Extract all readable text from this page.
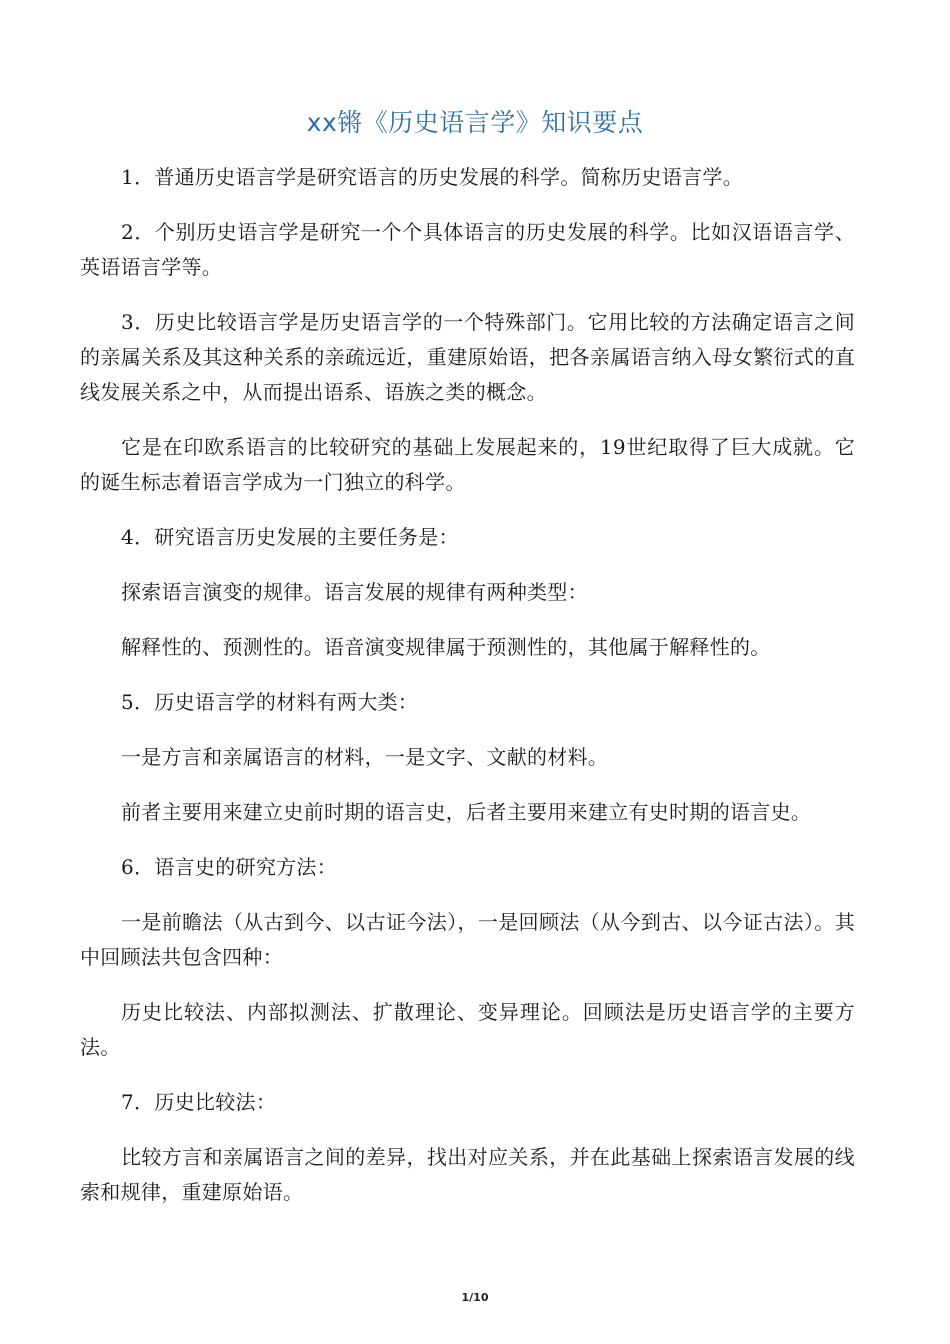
xx锵《历史语言学》知识要点

1．普通历史语言学是研究语言的历史发展的科学。简称历史语言学。

2．个别历史语言学是研究一个个具体语言的历史发展的科学。比如汉语语言学、英语语言学等。

3．历史比较语言学是历史语言学的一个特殊部门。它用比较的方法确定语言之间的亲属关系及其这种关系的亲疏远近，重建原始语，把各亲属语言纳入母女繁衍式的直线发展关系之中，从而提出语系、语族之类的概念。

它是在印欧系语言的比较研究的基础上发展起来的，19世纪取得了巨大成就。它的诞生标志着语言学成为一门独立的科学。

4．研究语言历史发展的主要任务是：

探索语言演变的规律。语言发展的规律有两种类型：

解释性的、预测性的。语音演变规律属于预测性的，其他属于解释性的。

5．历史语言学的材料有两大类：

一是方言和亲属语言的材料，一是文字、文献的材料。

前者主要用来建立史前时期的语言史，后者主要用来建立有史时期的语言史。

6．语言史的研究方法：

一是前瞻法（从古到今、以古证今法），一是回顾法（从今到古、以今证古法）。其中回顾法共包含四种：

历史比较法、内部拟测法、扩散理论、变异理论。回顾法是历史语言学的主要方法。

7．历史比较法：

比较方言和亲属语言之间的差异，找出对应关系，并在此基础上探索语言发展的线索和规律，重建原始语。

1/10
